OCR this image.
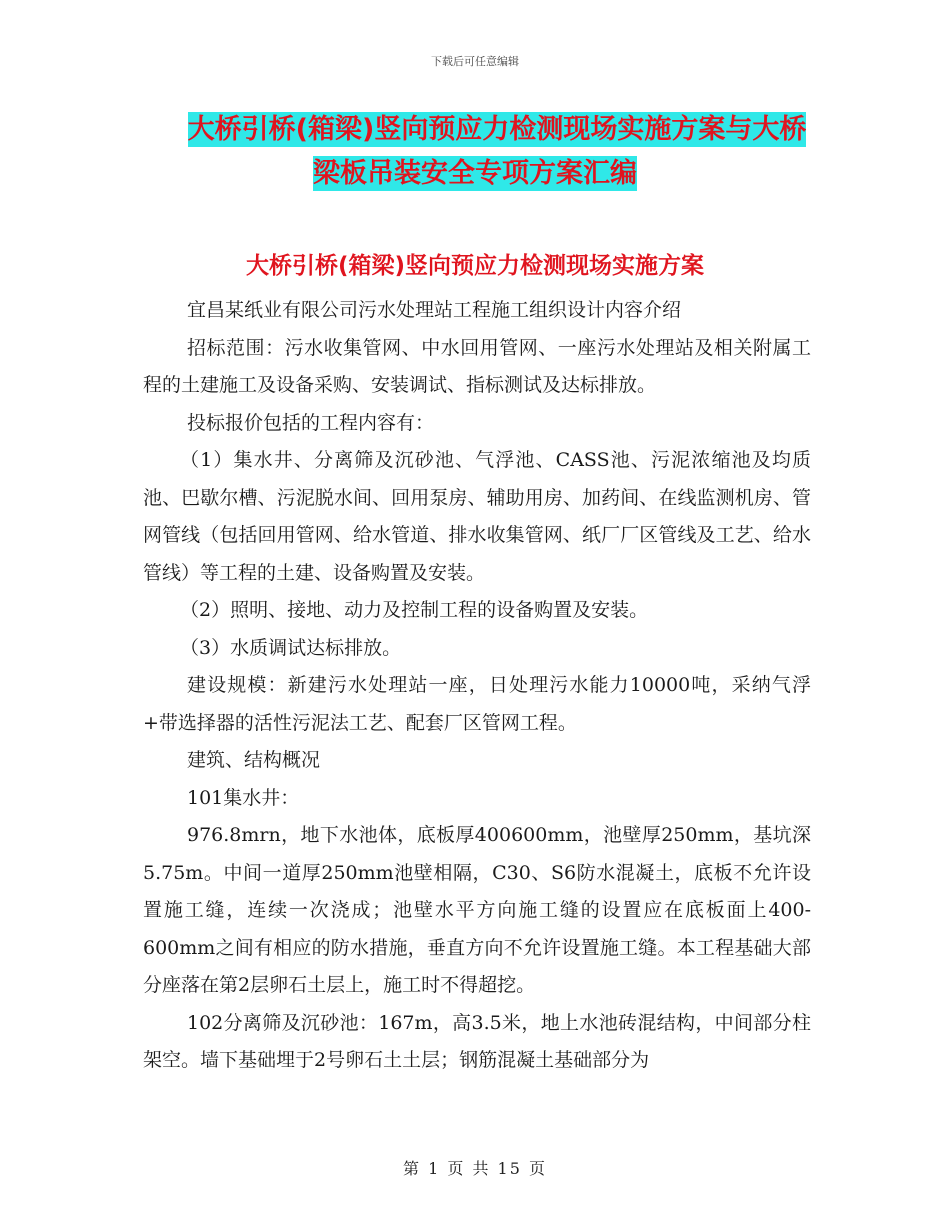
下载后可任意编辑
大桥引桥(箱梁)竖向预应力检测现场实施方案与大桥
梁板吊装安全专项方案汇编
大桥引桥(箱梁)竖向预应力检测现场实施方案

宜昌某纸业有限公司污水处理站工程施工组织设计内容介绍

招标范围：污水收集管网、中水回用管网、一座污水处理站及相关附属工程的土建施工及设备采购、安装调试、指标测试及达标排放。

投标报价包括的工程内容有：

（1）集水井、分离筛及沉砂池、气浮池、CASS池、污泥浓缩池及均质池、巴歇尔槽、污泥脱水间、回用泵房、辅助用房、加药间、在线监测机房、管网管线（包括回用管网、给水管道、排水收集管网、纸厂厂区管线及工艺、给水管线）等工程的土建、设备购置及安装。

（2）照明、接地、动力及控制工程的设备购置及安装。

（3）水质调试达标排放。

建设规模：新建污水处理站一座，日处理污水能力10000吨，采纳气浮+带选择器的活性污泥法工艺、配套厂区管网工程。

建筑、结构概况

101集水井：

976.8mrn，地下水池体，底板厚400600mm，池壁厚250mm，基坑深5.75m。中间一道厚250mm池壁相隔，C30、S6防水混凝土，底板不允许设置施工缝，连续一次浇成；池壁水平方向施工缝的设置应在底板面上400-600mm之间有相应的防水措施，垂直方向不允许设置施工缝。本工程基础大部分座落在第2层卵石土层上，施工时不得超挖。

102分离筛及沉砂池：167m，高3.5米，地上水池砖混结构，中间部分柱架空。墙下基础埋于2号卵石土土层；钢筋混凝土基础部分为

第 1 页 共 15 页
